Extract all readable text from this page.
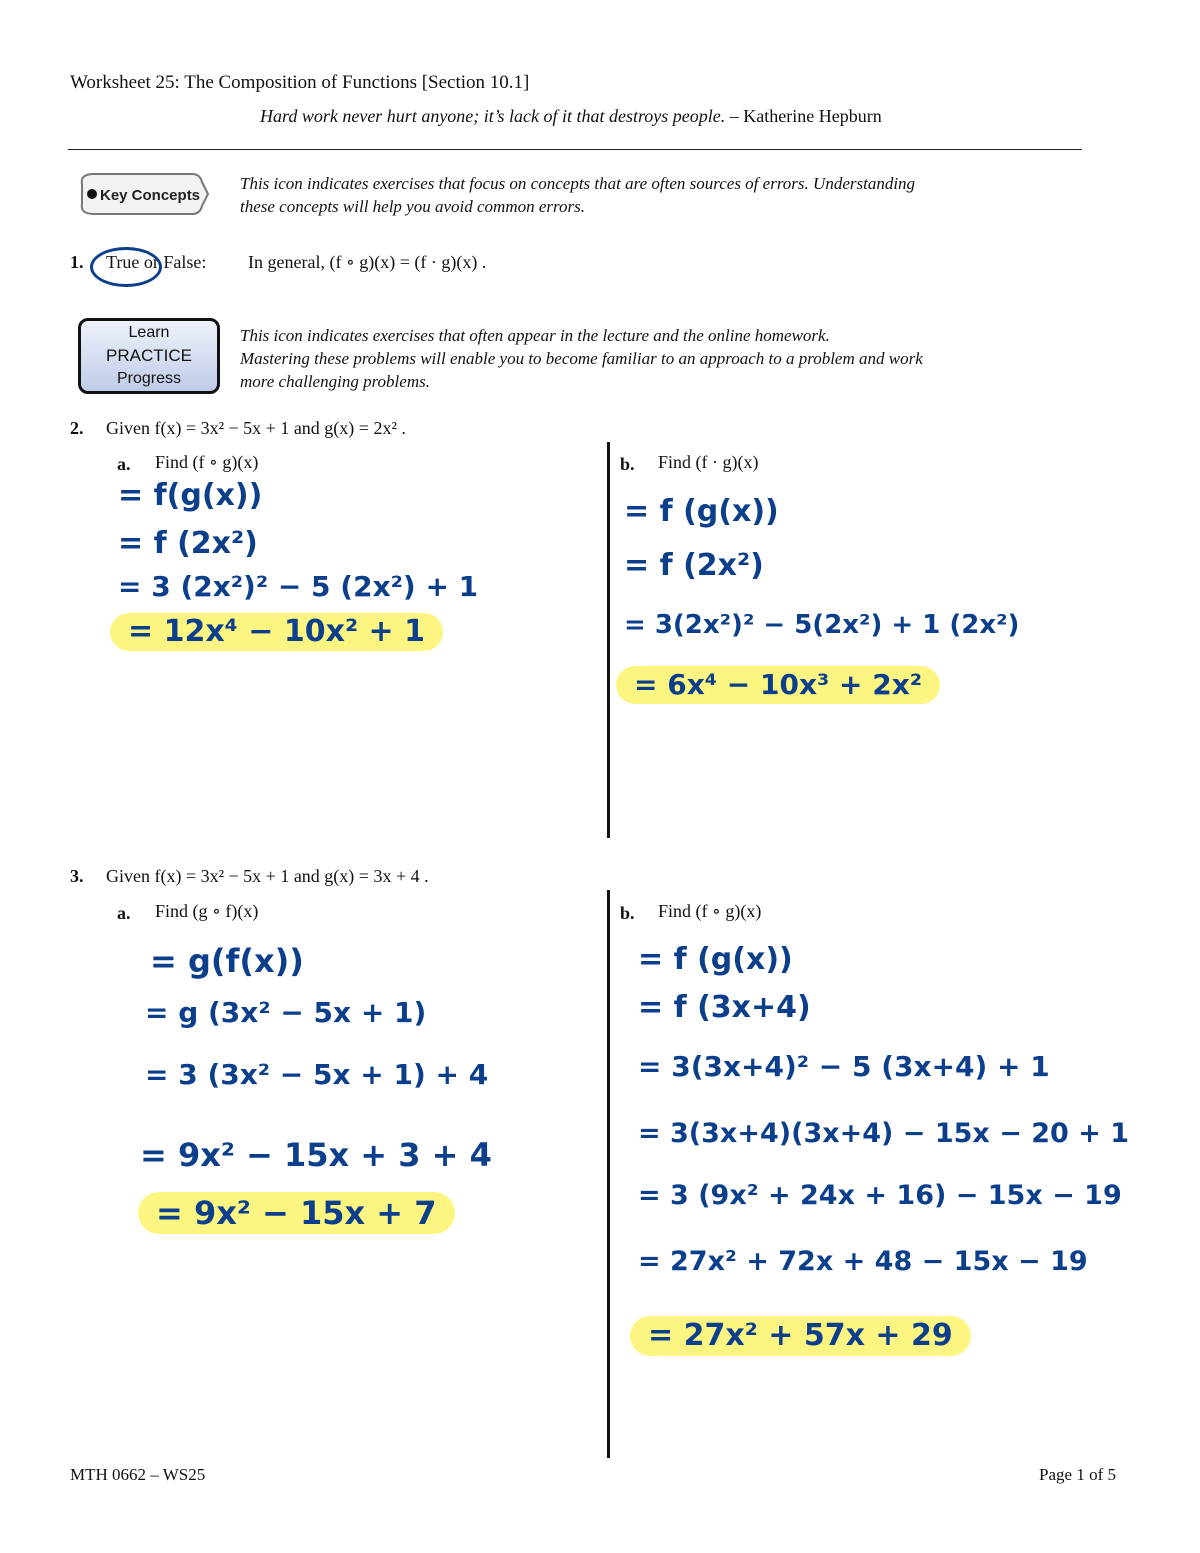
Worksheet 25: The Composition of Functions [Section 10.1]
Hard work never hurt anyone; it’s lack of it that destroys people. – Katherine Hepburn
Key Concepts
This icon indicates exercises that focus on concepts that are often sources of errors. Understanding
these concepts will help you avoid common errors.
1. True or False: In general, (f ∘ g)(x) = (f · g)(x) .
Learn
PRACTICE
Progress
This icon indicates exercises that often appear in the lecture and the online homework.
Mastering these problems will enable you to become familiar to an approach to a problem and work
more challenging problems.
2. Given f(x) = 3x² − 5x + 1 and g(x) = 2x² .
a. Find (f ∘ g)(x)
= f(g(x))
= f (2x²)
= 3 (2x²)² − 5 (2x²) + 1
= 12x⁴ − 10x² + 1
b. Find (f · g)(x)
= f (g(x))
= f (2x²)
= 3(2x²)² − 5(2x²) + 1 (2x²)
= 6x⁴ − 10x³ + 2x²
3. Given f(x) = 3x² − 5x + 1 and g(x) = 3x + 4 .
a. Find (g ∘ f)(x)
= g(f(x))
= g (3x² − 5x + 1)
= 3 (3x² − 5x + 1) + 4
= 9x² − 15x + 3 + 4
= 9x² − 15x + 7
b. Find (f ∘ g)(x)
= f (g(x))
= f (3x+4)
= 3(3x+4)² − 5 (3x+4) + 1
= 3(3x+4)(3x+4) − 15x − 20 + 1
= 3 (9x² + 24x + 16) − 15x − 19
= 27x² + 72x + 48 − 15x − 19
= 27x² + 57x + 29
MTH 0662 – WS25	Page 1 of 5
